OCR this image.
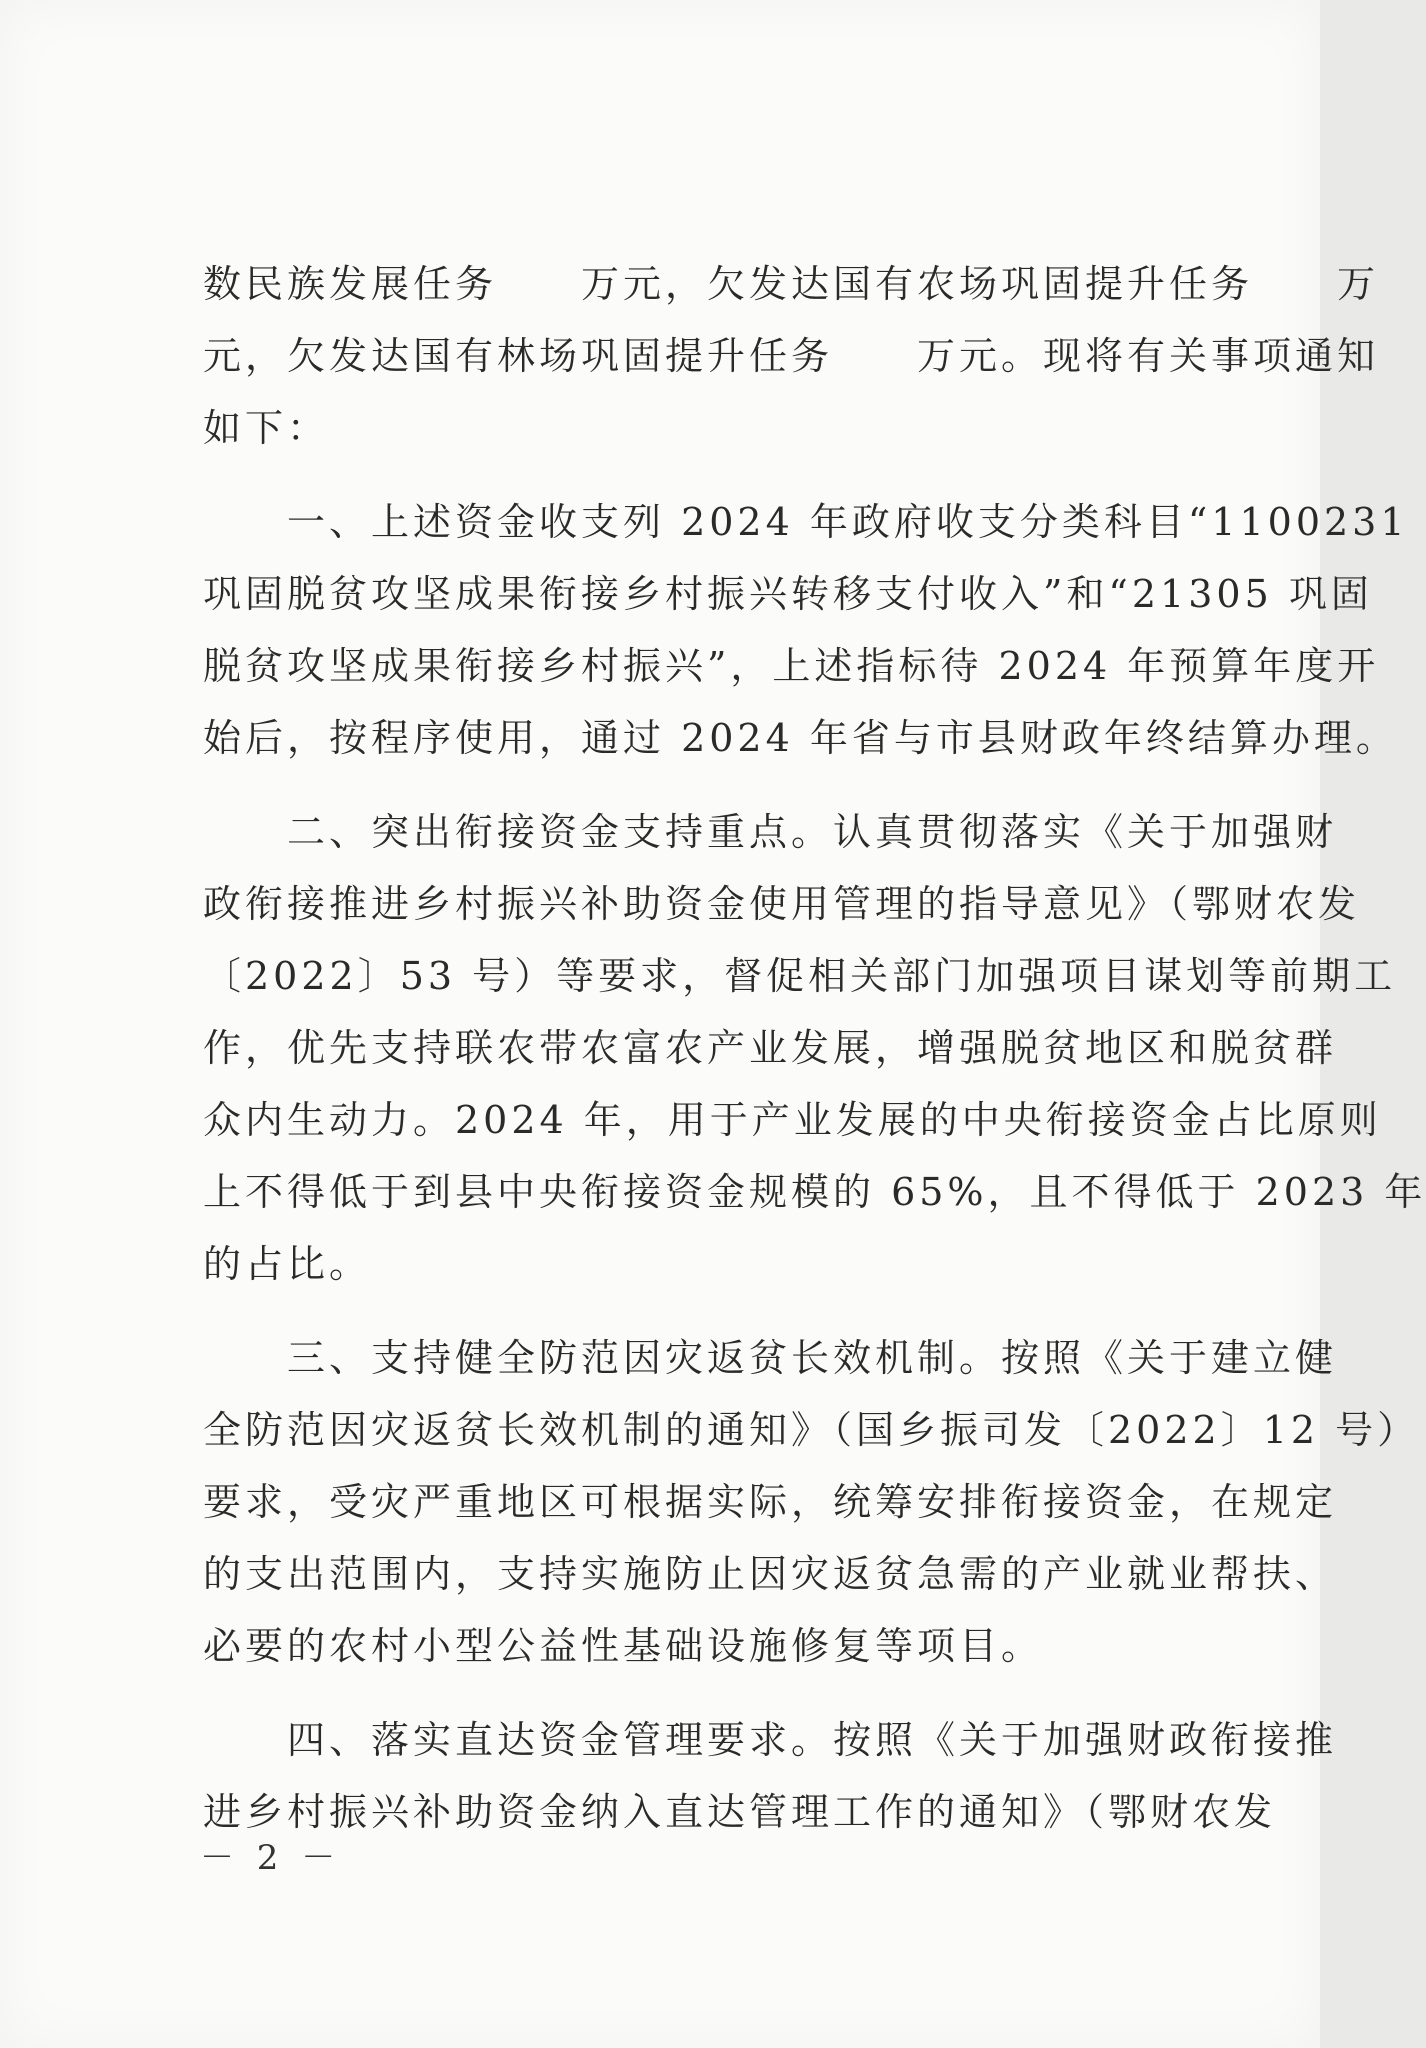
数民族发展任务　　万元，欠发达国有农场巩固提升任务　　万
元，欠发达国有林场巩固提升任务　　万元。现将有关事项通知
如下：
　　一、上述资金收支列 2024 年政府收支分类科目“1100231
巩固脱贫攻坚成果衔接乡村振兴转移支付收入”和“21305 巩固
脱贫攻坚成果衔接乡村振兴”，上述指标待 2024 年预算年度开
始后，按程序使用，通过 2024 年省与市县财政年终结算办理。
　　二、突出衔接资金支持重点。认真贯彻落实《关于加强财
政衔接推进乡村振兴补助资金使用管理的指导意见》（鄂财农发
〔2022〕53 号）等要求，督促相关部门加强项目谋划等前期工
作，优先支持联农带农富农产业发展，增强脱贫地区和脱贫群
众内生动力。2024 年，用于产业发展的中央衔接资金占比原则
上不得低于到县中央衔接资金规模的 65%，且不得低于 2023 年
的占比。
　　三、支持健全防范因灾返贫长效机制。按照《关于建立健
全防范因灾返贫长效机制的通知》（国乡振司发〔2022〕12 号）
要求，受灾严重地区可根据实际，统筹安排衔接资金，在规定
的支出范围内，支持实施防止因灾返贫急需的产业就业帮扶、
必要的农村小型公益性基础设施修复等项目。
　　四、落实直达资金管理要求。按照《关于加强财政衔接推
进乡村振兴补助资金纳入直达管理工作的通知》（鄂财农发
－ 2 －
